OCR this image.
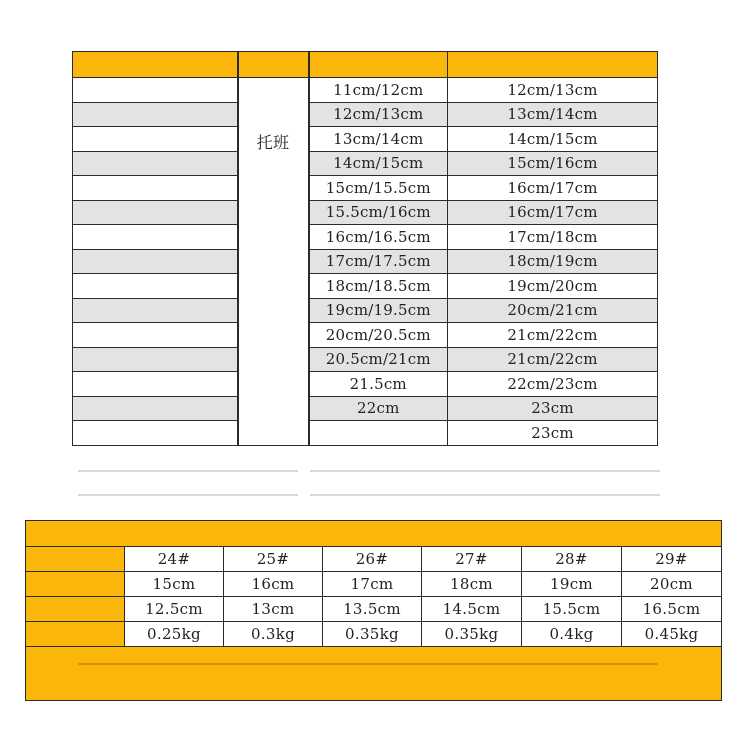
	托班	11cm/12cm	12cm/13cm
		12cm/13cm	13cm/14cm
		13cm/14cm	14cm/15cm
		14cm/15cm	15cm/16cm
		15cm/15.5cm	16cm/17cm
		15.5cm/16cm	16cm/17cm
		16cm/16.5cm	17cm/18cm
		17cm/17.5cm	18cm/19cm
		18cm/18.5cm	19cm/20cm
		19cm/19.5cm	20cm/21cm
		20cm/20.5cm	21cm/22cm
		20.5cm/21cm	21cm/22cm
		21.5cm	22cm/23cm
		22cm	23cm
			23cm

	24#	25#	26#	27#	28#	29#
	15cm	16cm	17cm	18cm	19cm	20cm
	12.5cm	13cm	13.5cm	14.5cm	15.5cm	16.5cm
	0.25kg	0.3kg	0.35kg	0.35kg	0.4kg	0.45kg
